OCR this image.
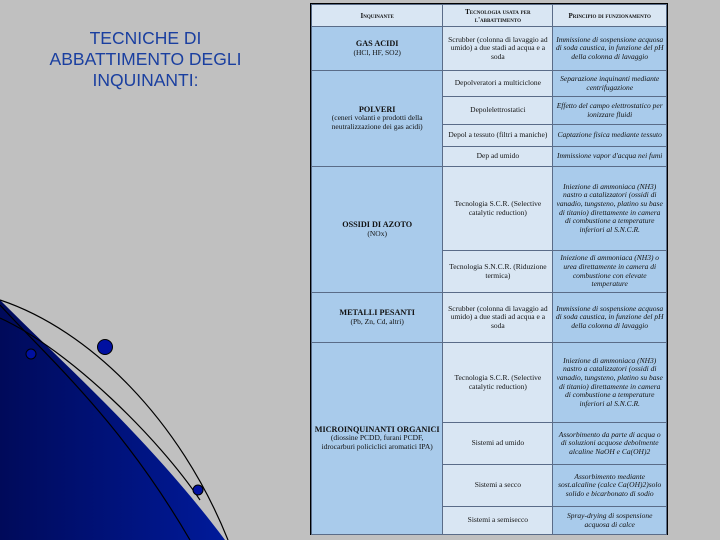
TECNICHE DI
ABBATTIMENTO DEGLI
INQUINANTI:
Inquinante	Tecnologia usata per l'abbattimento	Principio di funzionamento

GAS ACIDI
(HCl, HF, SO2)	Scrubber (colonna di lavaggio ad umido) a due stadi ad acqua e a soda	Immissione di sospensione acquosa di soda caustica, in funzione del pH della colonna di lavaggio

POLVERI
(ceneri volanti e prodotti della neutralizzazione dei gas acidi)	Depolveratori a multiciclone	Separazione inquinanti mediante centrifugazione
	Depolelettrostatici	Effetto del campo elettrostatico per ionizzare fluidi
	Depol a tessuto (filtri a maniche)	Captazione fisica mediante tessuto
	Dep ad umido	Immissione vapor d'acqua nei fumi

OSSIDI DI AZOTO
(NOx)	Tecnologia S.C.R. (Selective catalytic reduction)	Iniezione di ammoniaca (NH3) nastro a catalizzatori (ossidi di vanadio, tungsteno, platino su base di titanio) direttamente in camera di combustione a temperature inferiori al S.N.C.R.
	Tecnologia S.N.C.R. (Riduzione termica)	Iniezione di ammoniaca (NH3) o urea direttamente in camera di combustione con elevate temperature

METALLI PESANTI
(Pb, Zn, Cd, altri)	Scrubber (colonna di lavaggio ad umido) a due stadi ad acqua e a soda	Immissione di sospensione acquosa di soda caustica, in funzione del pH della colonna di lavaggio

MICROINQUINANTI ORGANICI
(diossine PCDD, furani PCDF, idrocarburi policiclici aromatici IPA)	Tecnologia S.C.R. (Selective catalytic reduction)	Iniezione di ammoniaca (NH3) nastro a catalizzatori (ossidi di vanadio, tungsteno, platino su base di titanio) direttamente in camera di combustione a temperature inferiori al S.N.C.R.
	Sistemi ad umido	Assorbimento da parte di acqua o di soluzioni acquose debolmente alcaline NaOH e Ca(OH)2
	Sistemi a secco	Assorbimento mediante sost.alcaline (calce Ca(OH)2)solo solido e bicarbonato di sodio
	Sistemi a semisecco	Spray-drying di sospensione acquosa di calce
